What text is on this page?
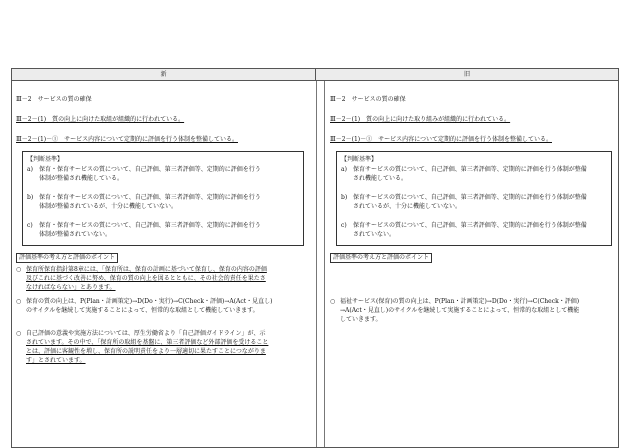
新	旧
Ⅲ－2　サービスの質の確保
Ⅲ－2－(1)　質の向上に向けた取組が組織的に行われている。
Ⅲ－2－(1)－①　サービス内容について定期的に評価を行う体制を整備している。
【判断基準】
a) 保育・保育サービスの質について、自己評価、第三者評価等、定期的に評価を行う
体制が整備され機能している。
b) 保育・保育サービスの質について、自己評価、第三者評価等、定期的に評価を行う
体制が整備されているが、十分に機能していない。
c) 保育・保育サービスの質について、自己評価、第三者評価等、定期的に評価を行う
体制が整備されていない。
評価基準の考え方と評価のポイント
○ 保育所保育指針第8章には、「保育所は、保育の計画に基づいて保育し、保育の内容の評価
及びこれに基づく改善に努め、保育の質の向上を図るとともに、その社会的責任を果たさ
なければならない」とあります。
○ 保育の質の向上は、P(Plan・計画策定)→D(Do・実行)→C(Check・評価)→A(Act・見直し)
のサイクルを継続して実施することによって、恒常的な取組として機能していきます。
○ 自己評価の意義や実施方法については、厚生労働省より「自己評価ガイドライン」が、示
されています。その中で、「保育所の取組を基盤に、第三者評価など外部評価を受けること
とは、評価に客観性を増し、保育所の説明責任をより一層適切に果たすことにつながりま
す」とされています。
Ⅲ－2　サービスの質の確保
Ⅲ－2－(1)　質の向上に向けた取り組みが組織的に行われている。
Ⅲ－2－(1)－①　サービス内容について定期的に評価を行う体制を整備している。
【判断基準】
a) 保育サービスの質について、自己評価、第三者評価等、定期的に評価を行う体制が整備
され機能している。
b) 保育サービスの質について、自己評価、第三者評価等、定期的に評価を行う体制が整備
されているが、十分に機能していない。
c) 保育サービスの質について、自己評価、第三者評価等、定期的に評価を行う体制が整備
されていない。
評価基準の考え方と評価のポイント
○ 福祉サービス(保育)の質の向上は、P(Plan・計画策定)→D(Do・実行)→C(Check・評価)
→A(Act・見直し)のサイクルを継続して実施することによって、恒常的な取組として機能
していきます。
